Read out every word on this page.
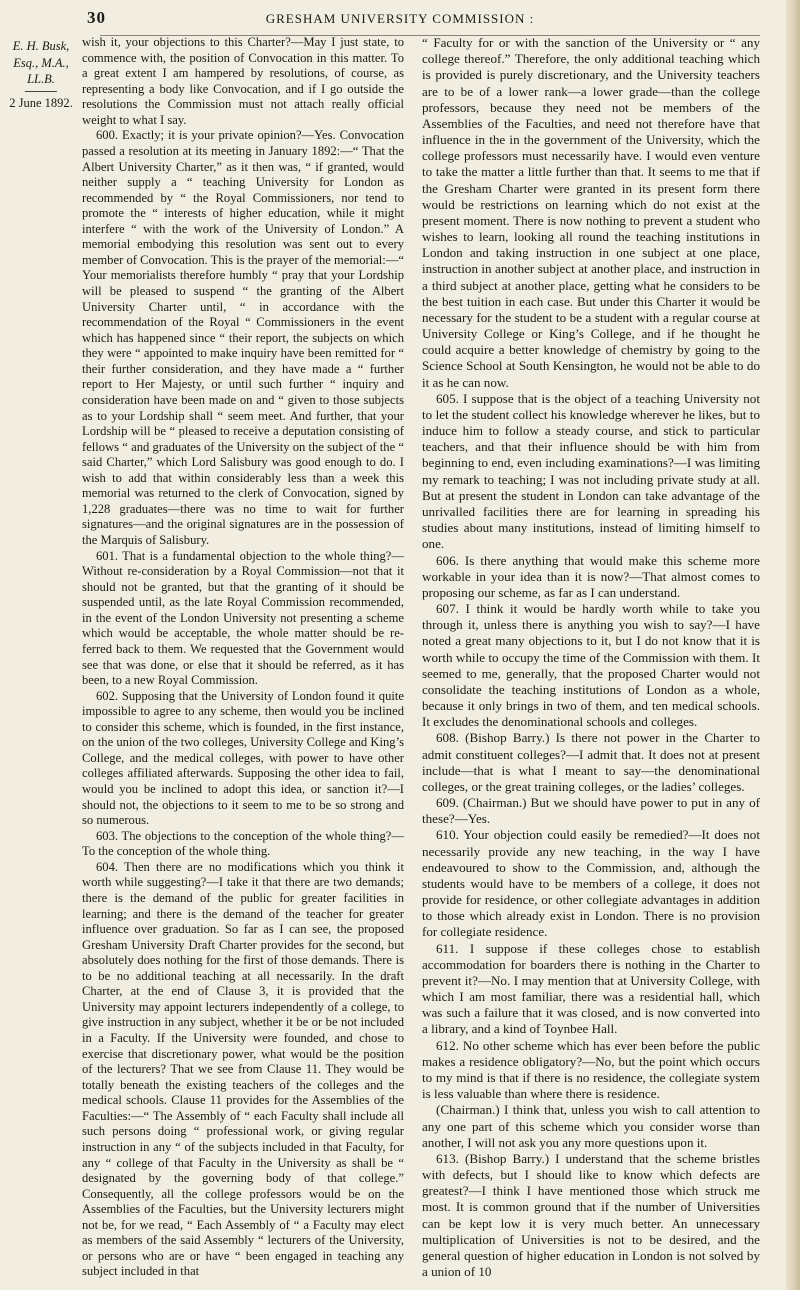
30	GRESHAM UNIVERSITY COMMISSION :
E. H. Busk,
Esq., M.A.,
LL.B.
2 June 1892.

wish it, your objections to this Charter?—May I just state, to commence with, the position of Convocation in this matter. To a great extent I am hampered by resolutions, of course, as representing a body like Convocation, and if I go outside the resolutions the Commission must not attach really official weight to what I say.

600. Exactly; it is your private opinion?—Yes. Convocation passed a resolution at its meeting in January 1892:—“ That the Albert University Charter,” as it then was, “ if granted, would neither supply a “ teaching University for London as recommended by “ the Royal Commissioners, nor tend to promote the “ interests of higher education, while it might interfere “ with the work of the University of London.” A memorial embodying this resolution was sent out to every member of Convocation. This is the prayer of the memorial:—“ Your memorialists therefore humbly “ pray that your Lordship will be pleased to suspend “ the granting of the Albert University Charter until, “ in accordance with the recommendation of the Royal “ Commissioners in the event which has happened since “ their report, the subjects on which they were “ appointed to make inquiry have been remitted for “ their further consideration, and they have made a “ further report to Her Majesty, or until such further “ inquiry and consideration have been made on and “ given to those subjects as to your Lordship shall “ seem meet. And further, that your Lordship will be “ pleased to receive a deputation consisting of fellows “ and graduates of the University on the subject of the “ said Charter,” which Lord Salisbury was good enough to do. I wish to add that within considerably less than a week this memorial was returned to the clerk of Convocation, signed by 1,228 graduates—there was no time to wait for further signatures—and the original signatures are in the possession of the Marquis of Salisbury.

601. That is a fundamental objection to the whole thing?—Without re-consideration by a Royal Commission—not that it should not be granted, but that the granting of it should be suspended until, as the late Royal Commission recommended, in the event of the London University not presenting a scheme which would be acceptable, the whole matter should be re-ferred back to them. We requested that the Government would see that was done, or else that it should be referred, as it has been, to a new Royal Commission.

602. Supposing that the University of London found it quite impossible to agree to any scheme, then would you be inclined to consider this scheme, which is founded, in the first instance, on the union of the two colleges, University College and King’s College, and the medical colleges, with power to have other colleges affiliated afterwards. Supposing the other idea to fail, would you be inclined to adopt this idea, or sanction it?—I should not, the objections to it seem to me to be so strong and so numerous.

603. The objections to the conception of the whole thing?—To the conception of the whole thing.

604. Then there are no modifications which you think it worth while suggesting?—I take it that there are two demands; there is the demand of the public for greater facilities in learning; and there is the demand of the teacher for greater influence over graduation. So far as I can see, the proposed Gresham University Draft Charter provides for the second, but absolutely does nothing for the first of those demands. There is to be no additional teaching at all necessarily. In the draft Charter, at the end of Clause 3, it is provided that the University may appoint lecturers independently of a college, to give instruction in any subject, whether it be or be not included in a Faculty. If the University were founded, and chose to exercise that discretionary power, what would be the position of the lecturers? That we see from Clause 11. They would be totally beneath the existing teachers of the colleges and the medical schools. Clause 11 provides for the Assemblies of the Faculties:—“ The Assembly of “ each Faculty shall include all such persons doing “ professional work, or giving regular instruction in any “ of the subjects included in that Faculty, for any “ college of that Faculty in the University as shall be “ designated by the governing body of that college.” Consequently, all the college professors would be on the Assemblies of the Faculties, but the University lecturers might not be, for we read, “ Each Assembly of “ a Faculty may elect as members of the said Assembly “ lecturers of the University, or persons who are or have “ been engaged in teaching any subject included in that

“ Faculty for or with the sanction of the University or “ any college thereof.” Therefore, the only additional teaching which is provided is purely discretionary, and the University teachers are to be of a lower rank—a lower grade—than the college professors, because they need not be members of the Assemblies of the Faculties, and need not therefore have that influence in the in the government of the University, which the college professors must necessarily have. I would even venture to take the matter a little further than that. It seems to me that if the Gresham Charter were granted in its present form there would be restrictions on learning which do not exist at the present moment. There is now nothing to prevent a student who wishes to learn, looking all round the teaching institutions in London and taking instruction in one subject at one place, instruction in another subject at another place, and instruction in a third subject at another place, getting what he considers to be the best tuition in each case. But under this Charter it would be necessary for the student to be a student with a regular course at University College or King’s College, and if he thought he could acquire a better knowledge of chemistry by going to the Science School at South Kensington, he would not be able to do it as he can now.

605. I suppose that is the object of a teaching University not to let the student collect his knowledge wherever he likes, but to induce him to follow a steady course, and stick to particular teachers, and that their influence should be with him from beginning to end, even including examinations?—I was limiting my remark to teaching; I was not including private study at all. But at present the student in London can take advantage of the unrivalled facilities there are for learning in spreading his studies about many institutions, instead of limiting himself to one.

606. Is there anything that would make this scheme more workable in your idea than it is now?—That almost comes to proposing our scheme, as far as I can understand.

607. I think it would be hardly worth while to take you through it, unless there is anything you wish to say?—I have noted a great many objections to it, but I do not know that it is worth while to occupy the time of the Commission with them. It seemed to me, generally, that the proposed Charter would not consolidate the teaching institutions of London as a whole, because it only brings in two of them, and ten medical schools. It excludes the denominational schools and colleges.

608. (Bishop Barry.) Is there not power in the Charter to admit constituent colleges?—I admit that. It does not at present include—that is what I meant to say—the denominational colleges, or the great training colleges, or the ladies’ colleges.

609. (Chairman.) But we should have power to put in any of these?—Yes.

610. Your objection could easily be remedied?—It does not necessarily provide any new teaching, in the way I have endeavoured to show to the Commission, and, although the students would have to be members of a college, it does not provide for residence, or other collegiate advantages in addition to those which already exist in London. There is no provision for collegiate residence.

611. I suppose if these colleges chose to establish accommodation for boarders there is nothing in the Charter to prevent it?—No. I may mention that at University College, with which I am most familiar, there was a residential hall, which was such a failure that it was closed, and is now converted into a library, and a kind of Toynbee Hall.

612. No other scheme which has ever been before the public makes a residence obligatory?—No, but the point which occurs to my mind is that if there is no residence, the collegiate system is less valuable than where there is residence.

(Chairman.) I think that, unless you wish to call attention to any one part of this scheme which you consider worse than another, I will not ask you any more questions upon it.

613. (Bishop Barry.) I understand that the scheme bristles with defects, but I should like to know which defects are greatest?—I think I have mentioned those which struck me most. It is common ground that if the number of Universities can be kept low it is very much better. An unnecessary multiplication of Universities is not to be desired, and the general question of higher education in London is not solved by a union of 10
